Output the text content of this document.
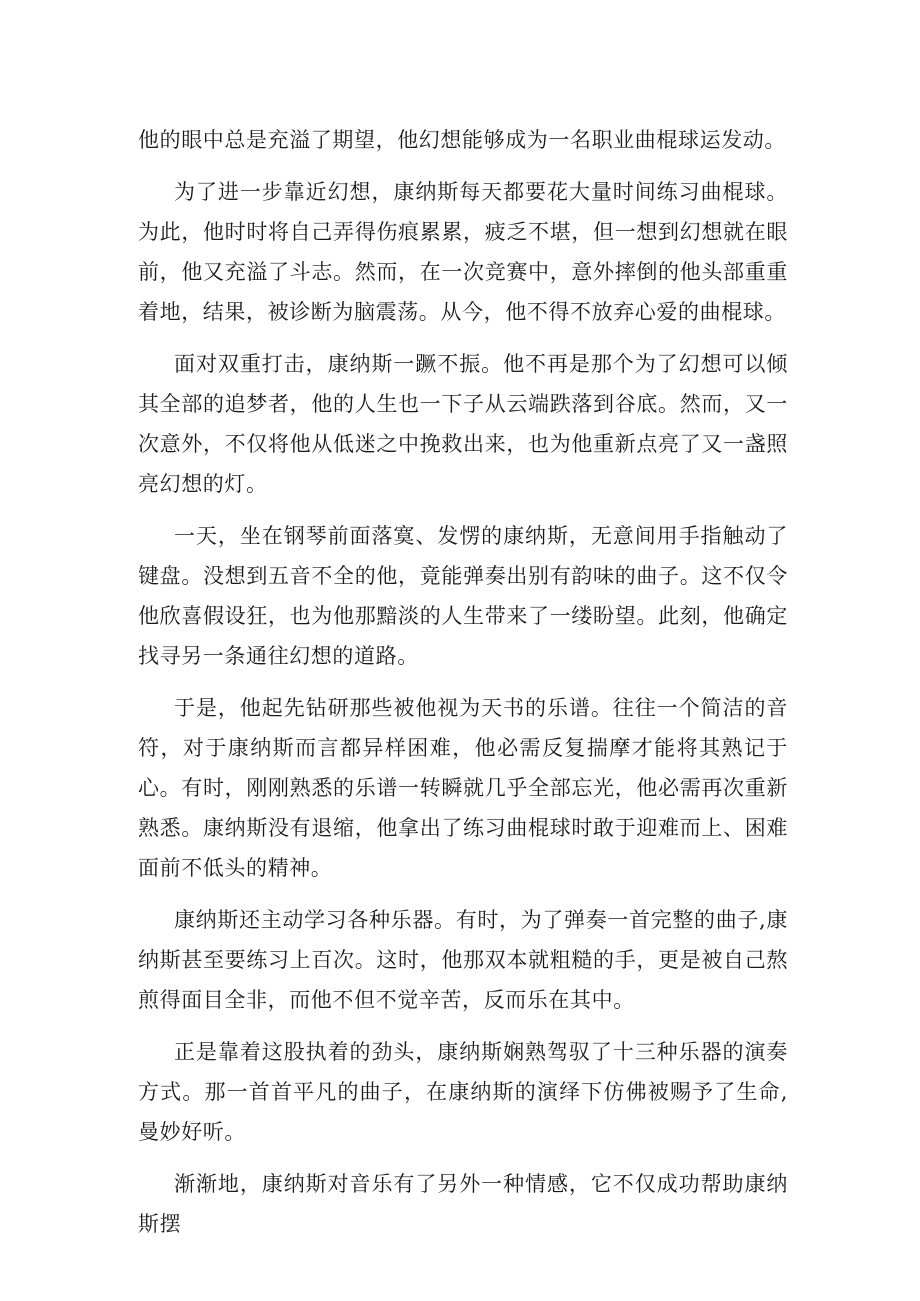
他的眼中总是充溢了期望，他幻想能够成为一名职业曲棍球运发动。

为了进一步靠近幻想，康纳斯每天都要花大量时间练习曲棍球。为此，他时时将自己弄得伤痕累累，疲乏不堪，但一想到幻想就在眼前，他又充溢了斗志。然而，在一次竞赛中，意外摔倒的他头部重重着地，结果，被诊断为脑震荡。从今，他不得不放弃心爱的曲棍球。

面对双重打击，康纳斯一蹶不振。他不再是那个为了幻想可以倾其全部的追梦者，他的人生也一下子从云端跌落到谷底。然而，又一次意外，不仅将他从低迷之中挽救出来，也为他重新点亮了又一盏照亮幻想的灯。

一天，坐在钢琴前面落寞、发愣的康纳斯，无意间用手指触动了键盘。没想到五音不全的他，竟能弹奏出别有韵味的曲子。这不仅令他欣喜假设狂，也为他那黯淡的人生带来了一缕盼望。此刻，他确定找寻另一条通往幻想的道路。

于是，他起先钻研那些被他视为天书的乐谱。往往一个简洁的音符，对于康纳斯而言都异样困难，他必需反复揣摩才能将其熟记于心。有时，刚刚熟悉的乐谱一转瞬就几乎全部忘光，他必需再次重新熟悉。康纳斯没有退缩，他拿出了练习曲棍球时敢于迎难而上、困难面前不低头的精神。

康纳斯还主动学习各种乐器。有时，为了弹奏一首完整的曲子,康纳斯甚至要练习上百次。这时，他那双本就粗糙的手，更是被自己熬煎得面目全非，而他不但不觉辛苦，反而乐在其中。

正是靠着这股执着的劲头，康纳斯娴熟驾驭了十三种乐器的演奏方式。那一首首平凡的曲子，在康纳斯的演绎下仿佛被赐予了生命,曼妙好听。

渐渐地，康纳斯对音乐有了另外一种情感，它不仅成功帮助康纳斯摆
